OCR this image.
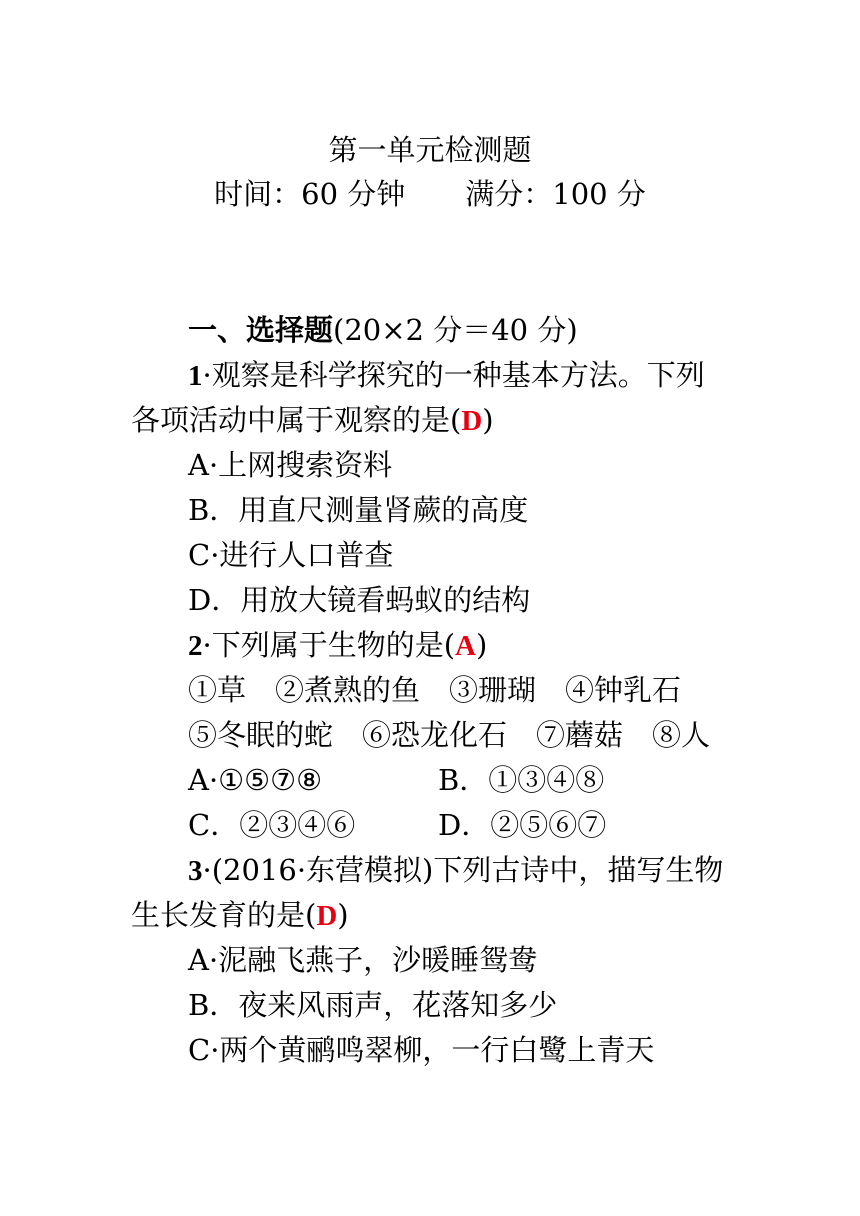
第一单元检测题
时间：60 分钟 满分：100 分
一、选择题(20×2 分＝40 分)
1·观察是科学探究的一种基本方法。下列
各项活动中属于观察的是(D)
A·上网搜索资料
B．用直尺测量肾蕨的高度
C·进行人口普查
D．用放大镜看蚂蚁的结构
2·下列属于生物的是(A)
①草　②煮熟的鱼　③珊瑚　④钟乳石
⑤冬眠的蛇　⑥恐龙化石　⑦蘑菇　⑧人
A·①⑤⑦⑧	B．①③④⑧
C．②③④⑥	D．②⑤⑥⑦
3·(2016·东营模拟)下列古诗中，描写生物
生长发育的是(D)
A·泥融飞燕子，沙暖睡鸳鸯
B．夜来风雨声，花落知多少
C·两个黄鹂鸣翠柳，一行白鹭上青天
